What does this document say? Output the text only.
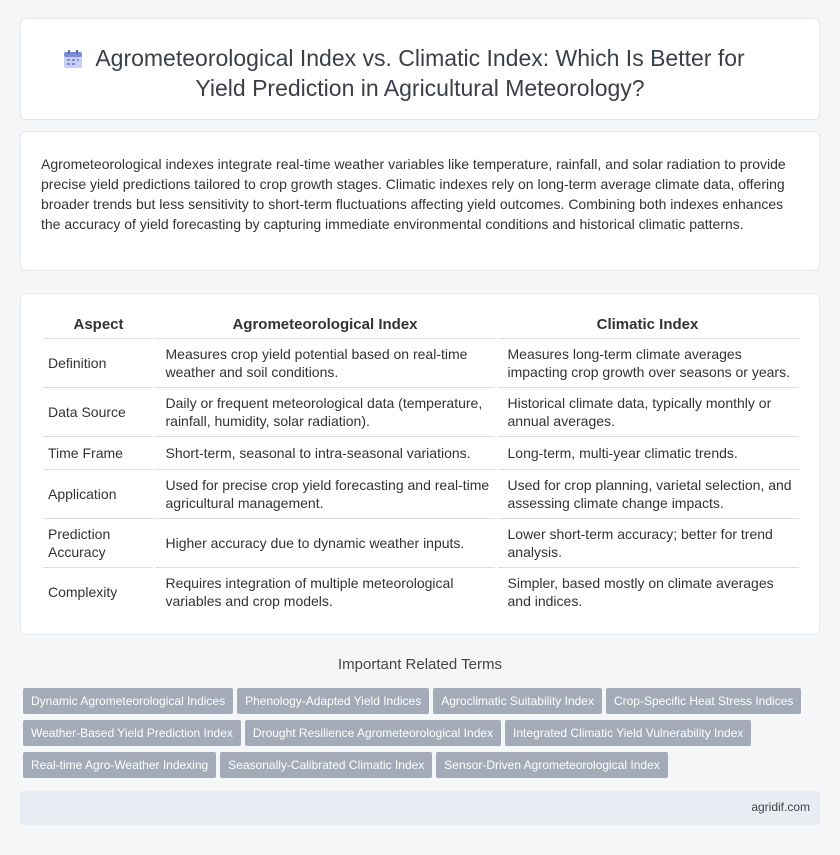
Agrometeorological Index vs. Climatic Index: Which Is Better for
Yield Prediction in Agricultural Meteorology?

Agrometeorological indexes integrate real-time weather variables like temperature, rainfall, and solar radiation to provide precise yield predictions tailored to crop growth stages. Climatic indexes rely on long-term average climate data, offering broader trends but less sensitivity to short-term fluctuations affecting yield outcomes. Combining both indexes enhances the accuracy of yield forecasting by capturing immediate environmental conditions and historical climatic patterns.

Aspect	Agrometeorological Index	Climatic Index
Definition	Measures crop yield potential based on real-time weather and soil conditions.	Measures long-term climate averages impacting crop growth over seasons or years.
Data Source	Daily or frequent meteorological data (temperature, rainfall, humidity, solar radiation).	Historical climate data, typically monthly or annual averages.
Time Frame	Short-term, seasonal to intra-seasonal variations.	Long-term, multi-year climatic trends.
Application	Used for precise crop yield forecasting and real-time agricultural management.	Used for crop planning, varietal selection, and assessing climate change impacts.
Prediction Accuracy	Higher accuracy due to dynamic weather inputs.	Lower short-term accuracy; better for trend analysis.
Complexity	Requires integration of multiple meteorological variables and crop models.	Simpler, based mostly on climate averages and indices.
Important Related Terms
Dynamic Agrometeorological Indices Phenology-Adapted Yield Indices Agroclimatic Suitability Index Crop-Specific Heat Stress Indices
Weather-Based Yield Prediction Index Drought Resilience Agrometeorological Index Integrated Climatic Yield Vulnerability Index
Real-time Agro-Weather Indexing Seasonally-Calibrated Climatic Index Sensor-Driven Agrometeorological Index
agridif.com
